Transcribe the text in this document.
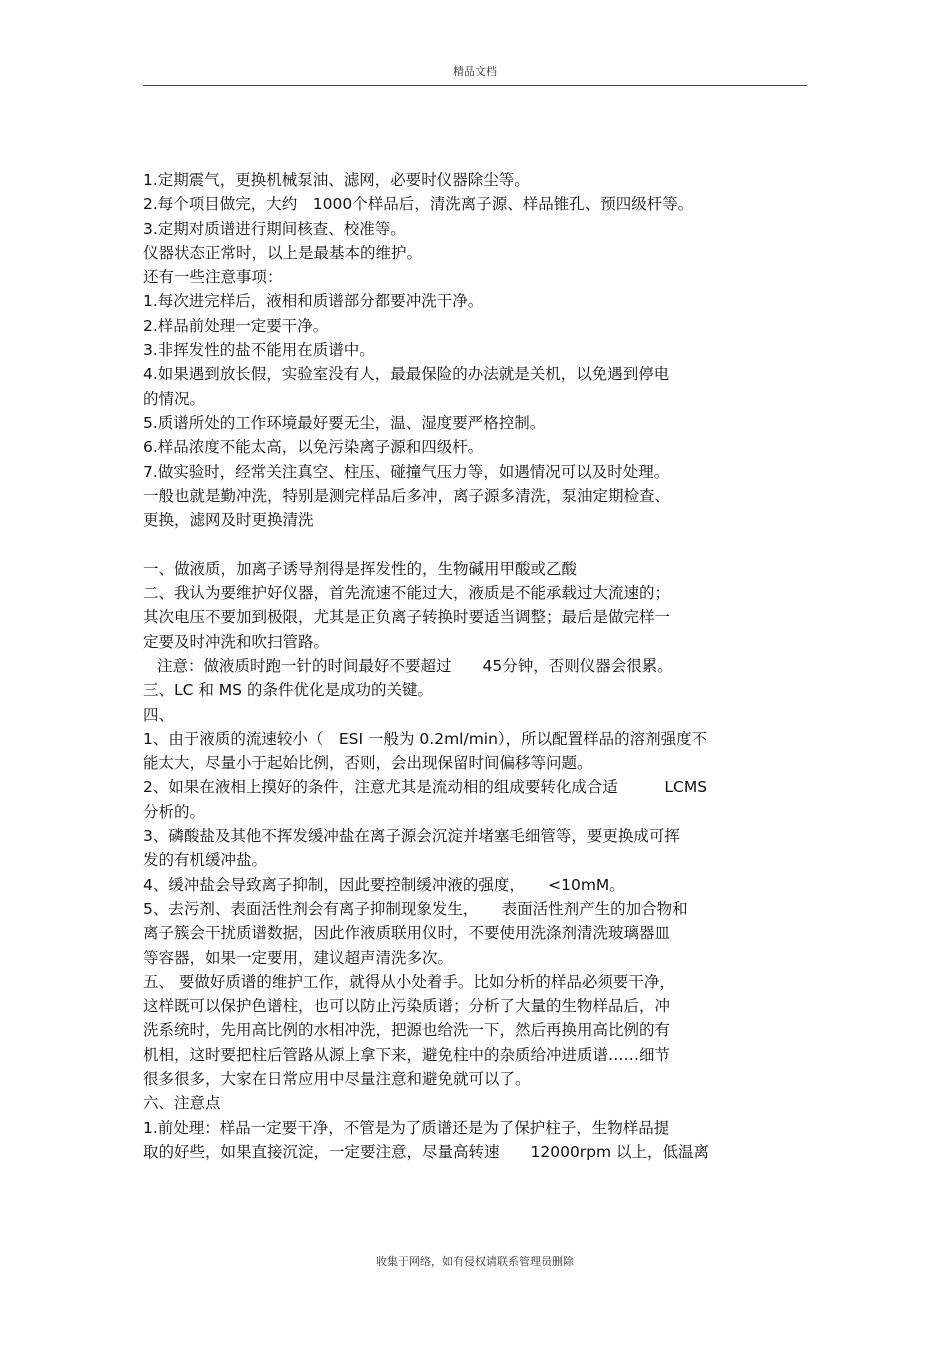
精品文档
1.定期震气，更换机械泵油、滤网，必要时仪器除尘等。
2.每个项目做完，大约　1000个样品后，清洗离子源、样品锥孔、预四级杆等。
3.定期对质谱进行期间核查、校准等。
仪器状态正常时，以上是最基本的维护。
还有一些注意事项：
1.每次进完样后，液相和质谱部分都要冲洗干净。
2.样品前处理一定要干净。
3.非挥发性的盐不能用在质谱中。
4.如果遇到放长假，实验室没有人，最最保险的办法就是关机，以免遇到停电
的情况。
5.质谱所处的工作环境最好要无尘，温、湿度要严格控制。
6.样品浓度不能太高，以免污染离子源和四级杆。
7.做实验时，经常关注真空、柱压、碰撞气压力等，如遇情况可以及时处理。
一般也就是勤冲洗，特别是测完样品后多冲，离子源多清洗，泵油定期检查、
更换，滤网及时更换清洗
一、做液质，加离子诱导剂得是挥发性的，生物碱用甲酸或乙酸
二、我认为要维护好仪器，首先流速不能过大，液质是不能承载过大流速的；
其次电压不要加到极限，尤其是正负离子转换时要适当调整；最后是做完样一
定要及时冲洗和吹扫管路。
注意：做液质时跑一针的时间最好不要超过　　45分钟，否则仪器会很累。
三、LC 和 MS 的条件优化是成功的关键。
四、
1、由于液质的流速较小（　ESI 一般为 0.2ml/min），所以配置样品的溶剂强度不
能太大，尽量小于起始比例，否则，会出现保留时间偏移等问题。
2、如果在液相上摸好的条件，注意尤其是流动相的组成要转化成合适　　　LCMS
分析的。
3、磷酸盐及其他不挥发缓冲盐在离子源会沉淀并堵塞毛细管等，要更换成可挥
发的有机缓冲盐。
4、缓冲盐会导致离子抑制，因此要控制缓冲液的强度，　　<10mM。
5、去污剂、表面活性剂会有离子抑制现象发生，　　表面活性剂产生的加合物和
离子簇会干扰质谱数据，因此作液质联用仪时，不要使用洗涤剂清洗玻璃器皿
等容器，如果一定要用，建议超声清洗多次。
五、 要做好质谱的维护工作，就得从小处着手。比如分析的样品必须要干净，
这样既可以保护色谱柱，也可以防止污染质谱；分析了大量的生物样品后，冲
洗系统时，先用高比例的水相冲洗，把源也给洗一下，然后再换用高比例的有
机相，这时要把柱后管路从源上拿下来，避免柱中的杂质给冲进质谱……细节
很多很多，大家在日常应用中尽量注意和避免就可以了。
六、注意点
1.前处理：样品一定要干净，不管是为了质谱还是为了保护柱子，生物样品提
取的好些，如果直接沉淀，一定要注意，尽量高转速　　12000rpm 以上，低温离
收集于网络，如有侵权请联系管理员删除
